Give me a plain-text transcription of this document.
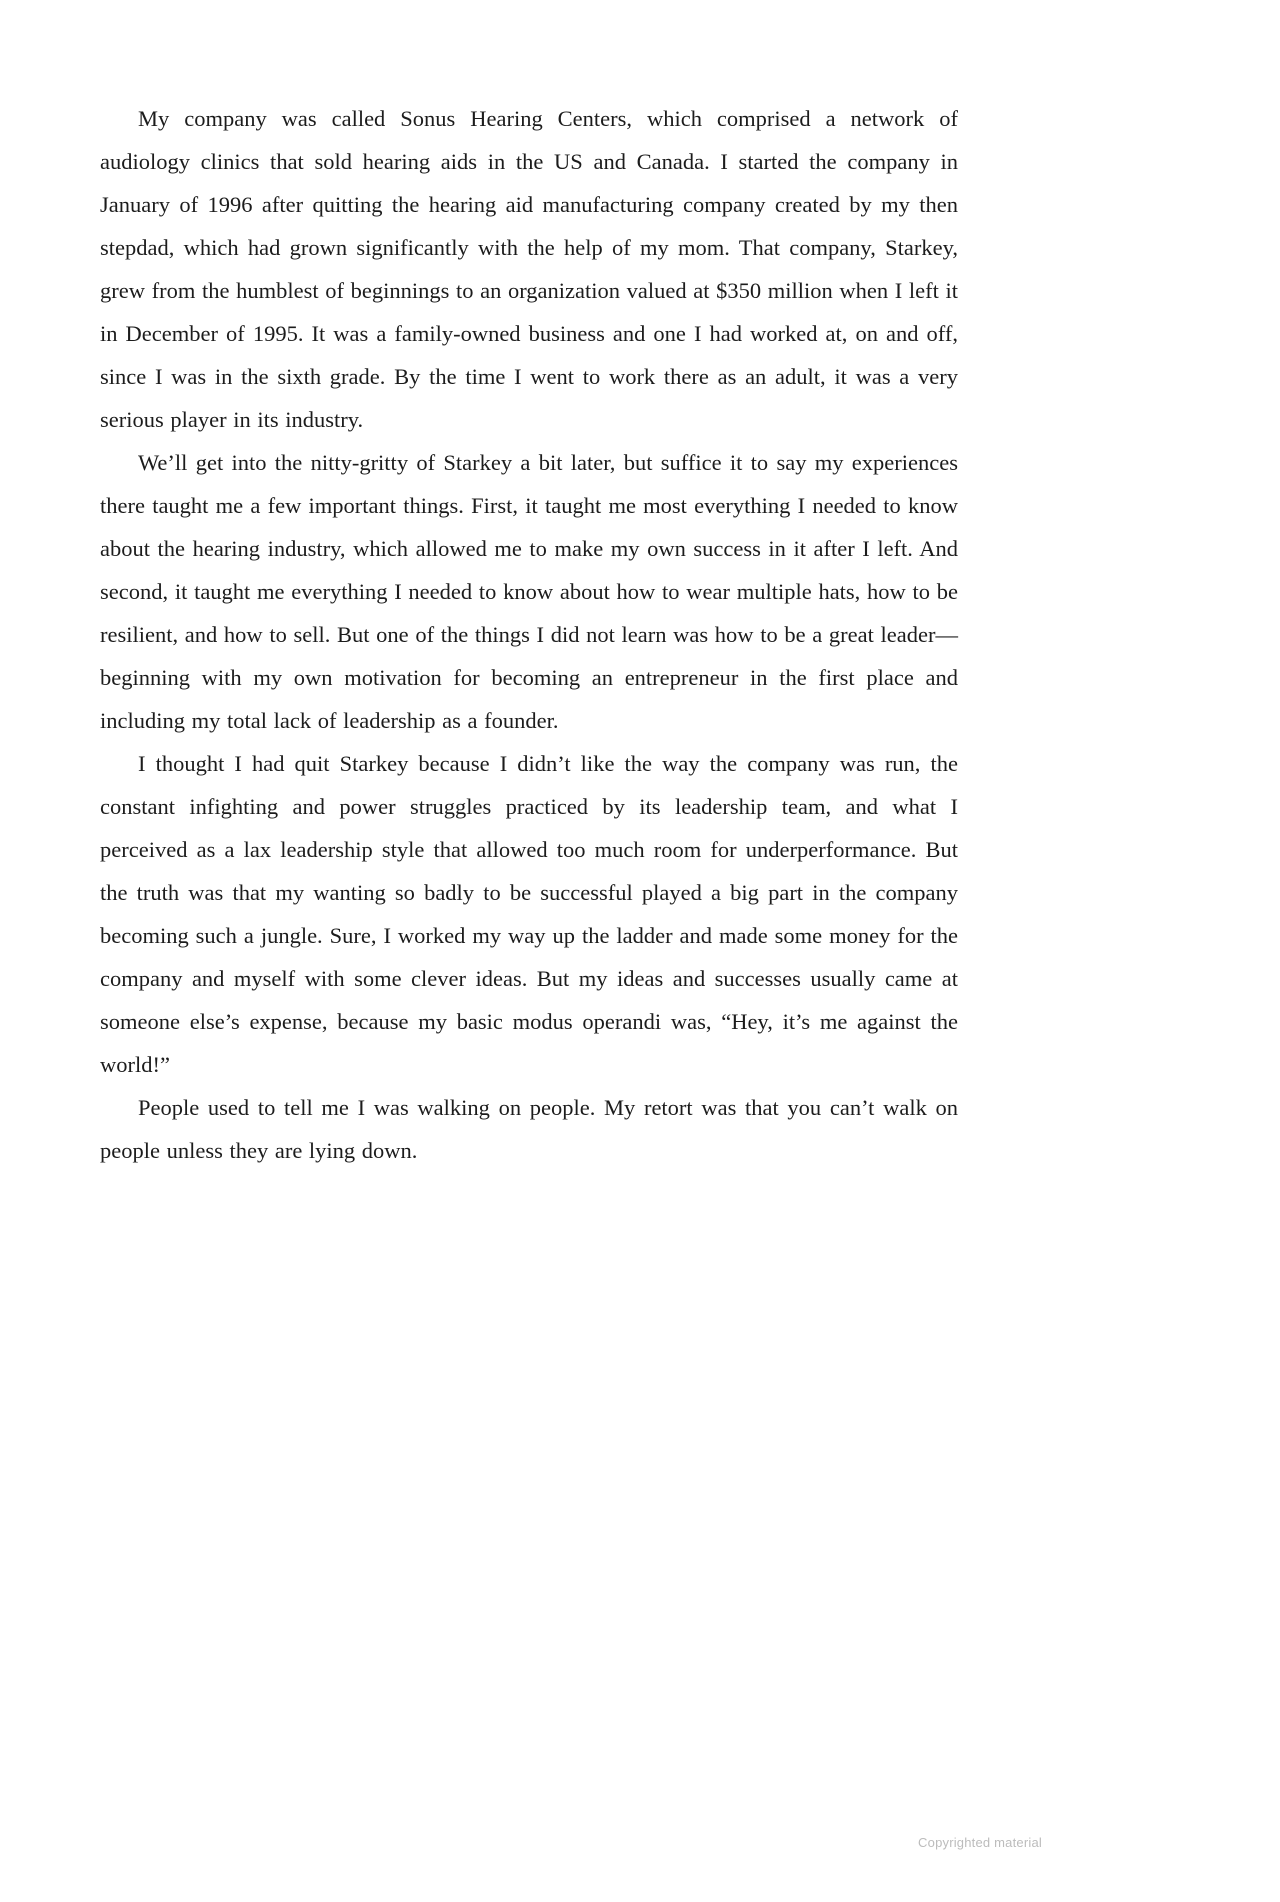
My company was called Sonus Hearing Centers, which comprised a network of audiology clinics that sold hearing aids in the US and Canada. I started the company in January of 1996 after quitting the hearing aid manufacturing company created by my then stepdad, which had grown significantly with the help of my mom. That company, Starkey, grew from the humblest of beginnings to an organization valued at $350 million when I left it in December of 1995. It was a family-owned business and one I had worked at, on and off, since I was in the sixth grade. By the time I went to work there as an adult, it was a very serious player in its industry.

We’ll get into the nitty-gritty of Starkey a bit later, but suffice it to say my experiences there taught me a few important things. First, it taught me most everything I needed to know about the hearing industry, which allowed me to make my own success in it after I left. And second, it taught me everything I needed to know about how to wear multiple hats, how to be resilient, and how to sell. But one of the things I did not learn was how to be a great leader—beginning with my own motivation for becoming an entrepreneur in the first place and including my total lack of leadership as a founder.

I thought I had quit Starkey because I didn’t like the way the company was run, the constant infighting and power struggles practiced by its leadership team, and what I perceived as a lax leadership style that allowed too much room for underperformance. But the truth was that my wanting so badly to be successful played a big part in the company becoming such a jungle. Sure, I worked my way up the ladder and made some money for the company and myself with some clever ideas. But my ideas and successes usually came at someone else’s expense, because my basic modus operandi was, “Hey, it’s me against the world!”

People used to tell me I was walking on people. My retort was that you can’t walk on people unless they are lying down.

Copyrighted material
